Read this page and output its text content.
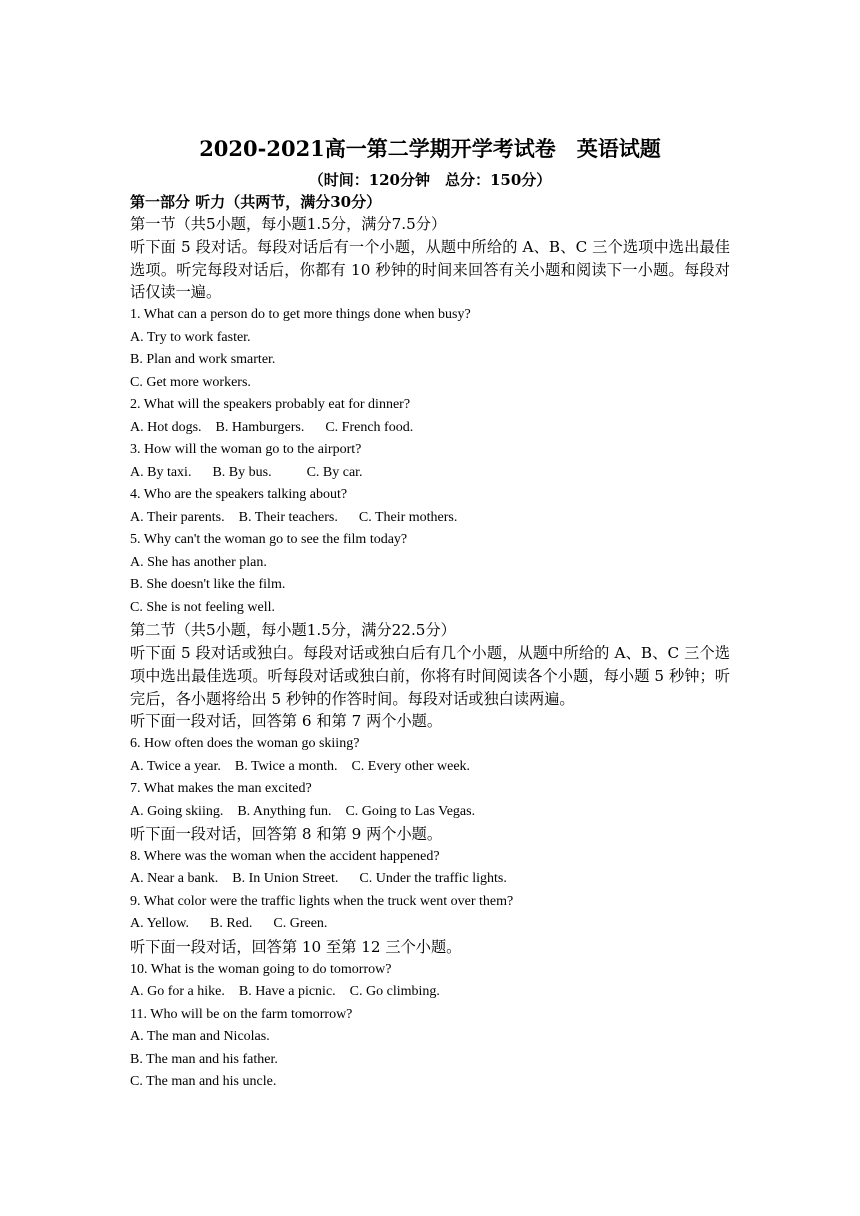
2020-2021高一第二学期开学考试卷　英语试题
（时间：120分钟　总分：150分）
第一部分 听力（共两节，满分30分）
第一节（共5小题，每小题1.5分，满分7.5分）
听下面 5 段对话。每段对话后有一个小题，从题中所给的 A、B、C 三个选项中选出最佳选项。听完每段对话后，你都有 10 秒钟的时间来回答有关小题和阅读下一小题。每段对话仅读一遍。
1. What can a person do to get more things done when busy?
A. Try to work faster.
B. Plan and work smarter.
C. Get more workers.
2. What will the speakers probably eat for dinner?
A. Hot dogs.    B. Hamburgers.      C. French food.
3. How will the woman go to the airport?
A. By taxi.      B. By bus.          C. By car.
4. Who are the speakers talking about?
A. Their parents.    B. Their teachers.      C. Their mothers.
5. Why can't the woman go to see the film today?
A. She has another plan.
B. She doesn't like the film.
C. She is not feeling well.
第二节（共5小题，每小题1.5分，满分22.5分）
听下面 5 段对话或独白。每段对话或独白后有几个小题，从题中所给的 A、B、C 三个选项中选出最佳选项。听每段对话或独白前，你将有时间阅读各个小题，每小题 5 秒钟；听完后，各小题将给出 5 秒钟的作答时间。每段对话或独白读两遍。
听下面一段对话，回答第 6 和第 7 两个小题。
6. How often does the woman go skiing?
A. Twice a year.    B. Twice a month.    C. Every other week.
7. What makes the man excited?
A. Going skiing.    B. Anything fun.    C. Going to Las Vegas.
听下面一段对话，回答第 8 和第 9 两个小题。
8. Where was the woman when the accident happened?
A. Near a bank.    B. In Union Street.      C. Under the traffic lights.
9. What color were the traffic lights when the truck went over them?
A. Yellow.      B. Red.      C. Green.
听下面一段对话，回答第 10 至第 12 三个小题。
10. What is the woman going to do tomorrow?
A. Go for a hike.    B. Have a picnic.    C. Go climbing.
11. Who will be on the farm tomorrow?
A. The man and Nicolas.
B. The man and his father.
C. The man and his uncle.
